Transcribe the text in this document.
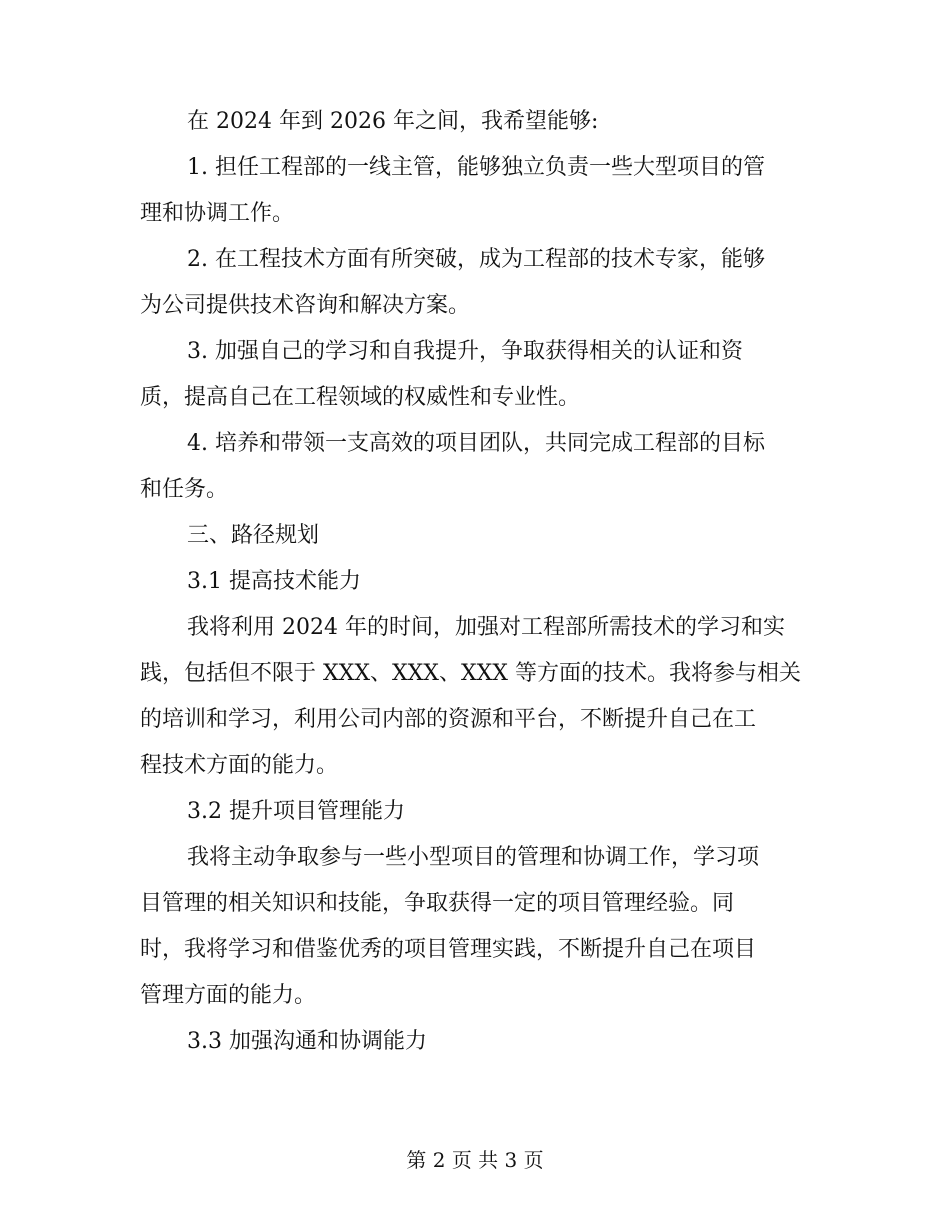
在 2024 年到 2026 年之间，我希望能够:
1. 担任工程部的一线主管，能够独立负责一些大型项目的管
理和协调工作。
2. 在工程技术方面有所突破，成为工程部的技术专家，能够
为公司提供技术咨询和解决方案。
3. 加强自己的学习和自我提升，争取获得相关的认证和资
质，提高自己在工程领域的权威性和专业性。
4. 培养和带领一支高效的项目团队，共同完成工程部的目标
和任务。
三、路径规划
3.1 提高技术能力
我将利用 2024 年的时间，加强对工程部所需技术的学习和实
践，包括但不限于 XXX、XXX、XXX 等方面的技术。我将参与相关
的培训和学习，利用公司内部的资源和平台，不断提升自己在工
程技术方面的能力。
3.2 提升项目管理能力
我将主动争取参与一些小型项目的管理和协调工作，学习项
目管理的相关知识和技能，争取获得一定的项目管理经验。同
时，我将学习和借鉴优秀的项目管理实践，不断提升自己在项目
管理方面的能力。
3.3 加强沟通和协调能力
第 2 页 共 3 页
